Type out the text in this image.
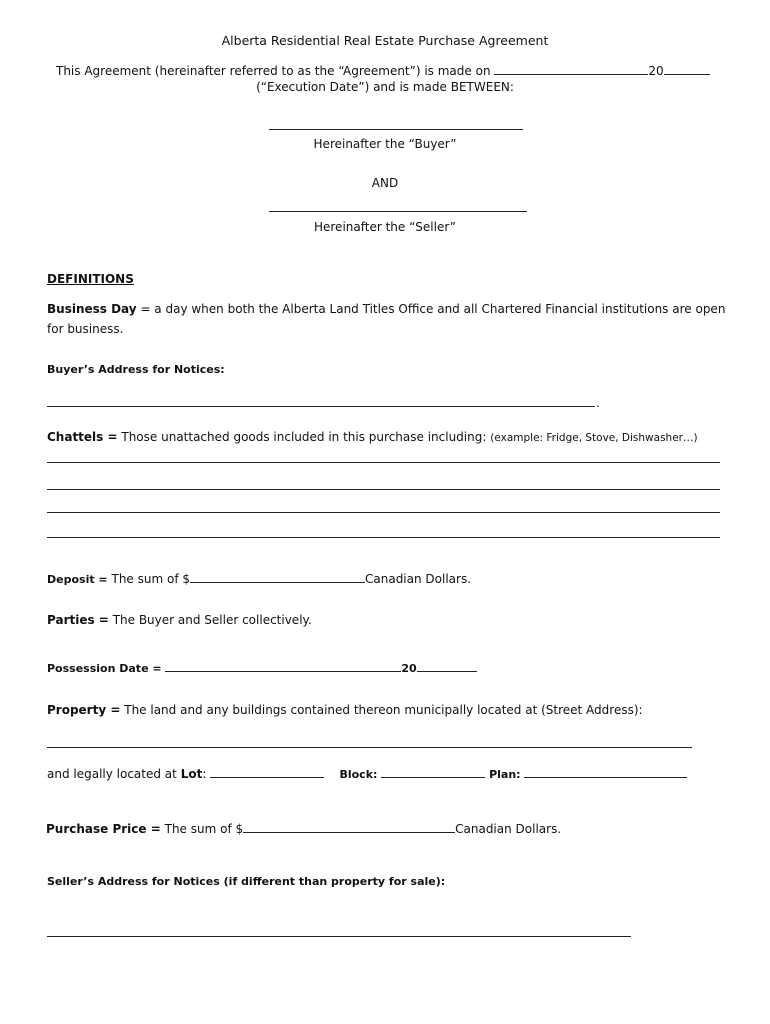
Alberta Residential Real Estate Purchase Agreement
This Agreement (hereinafter referred to as the “Agreement”) is made on	20
(“Execution Date”) and is made BETWEEN:
Hereinafter the “Buyer”
AND
Hereinafter the “Seller”
DEFINITIONS
Business Day = a day when both the Alberta Land Titles Office and all Chartered Financial institutions are open
for business.
Buyer’s Address for Notices:
.
Chattels = Those unattached goods included in this purchase including: (example: Fridge, Stove, Dishwasher…)
Deposit = The sum of $	Canadian Dollars.
Parties = The Buyer and Seller collectively.
Possession Date =	20
Property = The land and any buildings contained thereon municipally located at (Street Address):
and legally located at Lot:	Block:	Plan:
Purchase Price = The sum of $	Canadian Dollars.
Seller’s Address for Notices (if different than property for sale):
